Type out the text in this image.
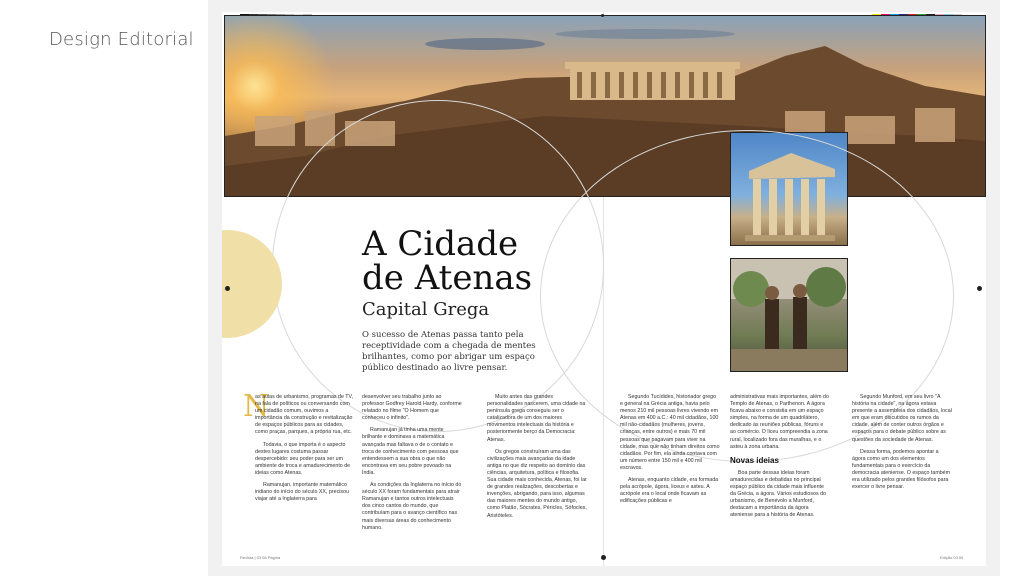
Design Editorial
A Cidade
de Atenas
Capital Grega
O sucesso de Atenas passa tanto pela receptividade com a chegada de mentes brilhantes, como por abrigar um espaço público destinado ao livre pensar.
N

as aulas de urbanismo, programas de TV, na fala de políticos ou conversando com um cidadão comum, ouvimos a importância da construção e revitalização de espaços públicos para as cidades, como praças, parques, a própria rua, etc.

Todavia, o que importa é o aspecto destes lugares costuma passar despercebido: seu poder para ser um ambiente de troca e amadurecimento de ideias como Atenas.

Ramanujan, importante matemático indiano do início do século XX, precisou viajar até a Inglaterra para

desenvolver seu trabalho junto ao professor Godfrey Harold Hardy, conforme relatado no filme "O Homem que conheceu o infinito".

Ramanujan já tinha uma mente brilhante e dominava a matemática avançada mas faltava o de o contato e troca de conhecimento com pessoas que entendessem a sua obra o que não encontrava em seu pobre povoado na Índia.

As condições da Inglaterra no início do século XX foram fundamentais para atrair Ramanujan e tantos outros intelectuais dos cinco cantos do mundo, que contribuíam para o avanço científico nas mais diversas áreas do conhecimento humano.

Muito antes das grandes personalidades nascerem, uma cidade na península grega conseguiu ser o catalizadora de um dos maiores movimentos intelectuais da história e posteriormente berço da Democracia: Atenas.

Os gregos construíram uma das civilizações mais avançadas da idade antiga no que diz respeito ao domínio das ciências, arquitetura, política e filosofia. Sua cidade mais conhecida, Atenas, foi lar de grandes realizações, descobertas e invenções, abrigando, para isso, algumas das maiores mentes do mundo antigo, como Platão, Sócrates, Péricles, Sófocles, Aristóteles.

Segundo Tucídides, historiador grego e general na Grécia antiga, havia pelo menos 210 mil pessoas livres vivendo em Atenas em 400 a.C.: 40 mil cidadãos, 100 mil não-cidadãos (mulheres, jovens, crianças, entre outros) e mais 70 mil pessoas que pagavam para viver na cidade, mas que não tinham direitos como cidadãos. Por fim, ela ainda contava com um número entre 150 mil e 400 mil escravos.

Atenas, enquanto cidade, era formada pela acrópole, ágora, liceus e asteu. A acrópole era o local onde ficavam as edificações públicas e

administrativas mais importantes, além do Templo de Atenas, o Parthenon. A ágora ficava abaixo e consistia em um espaço simples, na forma de um quadrilátero, dedicado às reuniões públicas, fóruns e ao comércio. O liceu compreendia a zona rural, localizado fora das muralhas, e o asteu à zona urbana.

Novas ideias

Boa parte dessas ideias foram amadurecidas e debatidas no principal espaço público da cidade mais influente da Grécia, a ágora. Vários estudiosos do urbanismo, de Benévolo a Munford, destacam a importância da ágora ateniense para a história de Atenas.

Segundo Munford, em seu livro "A história na cidade", na ágora estava presente a assembleia dos cidadãos, local em que eram discutidos os rumos da cidade, além de conter outros órgãos e espaços para o debate público sobre as questões da sociedade de Atenas.

Dessa forma, podemos apontar a ágora como um dos elementos fundamentais para o exercício da democracia ateniense. O espaço também era utilizado pelos grandes filósofos para exercer o livre pensar.

Revista | 03 08 Página	Edição 03 09
